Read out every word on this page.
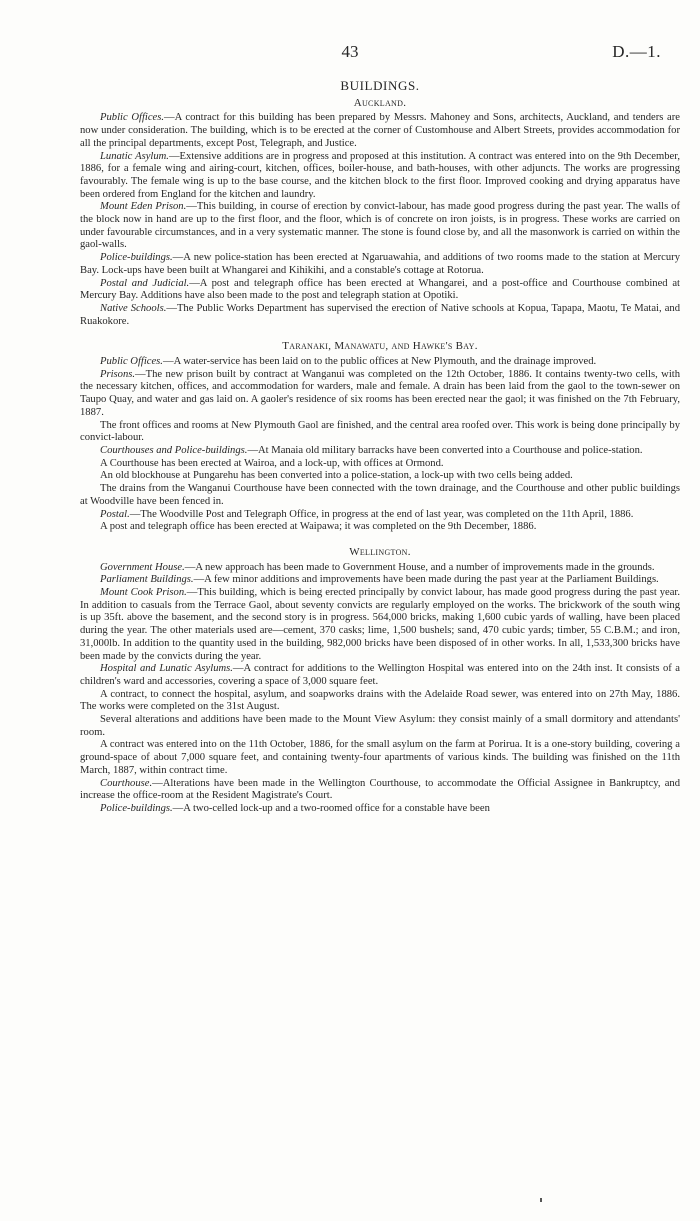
43	D.—1.
BUILDINGS.
Auckland.

Public Offices.—A contract for this building has been prepared by Messrs. Mahoney and Sons, architects, Auckland, and tenders are now under consideration. The building, which is to be erected at the corner of Customhouse and Albert Streets, provides accommodation for all the principal departments, except Post, Telegraph, and Justice.

Lunatic Asylum.—Extensive additions are in progress and proposed at this institution. A contract was entered into on the 9th December, 1886, for a female wing and airing-court, kitchen, offices, boiler-house, and bath-houses, with other adjuncts. The works are progressing favourably. The female wing is up to the base course, and the kitchen block to the first floor. Improved cooking and drying apparatus have been ordered from England for the kitchen and laundry.

Mount Eden Prison.—This building, in course of erection by convict-labour, has made good progress during the past year. The walls of the block now in hand are up to the first floor, and the floor, which is of concrete on iron joists, is in progress. These works are carried on under favourable circumstances, and in a very systematic manner. The stone is found close by, and all the masonwork is carried on within the gaol-walls.

Police-buildings.—A new police-station has been erected at Ngaruawahia, and additions of two rooms made to the station at Mercury Bay. Lock-ups have been built at Whangarei and Kihikihi, and a constable's cottage at Rotorua.

Postal and Judicial.—A post and telegraph office has been erected at Whangarei, and a post-office and Courthouse combined at Mercury Bay. Additions have also been made to the post and telegraph station at Opotiki.

Native Schools.—The Public Works Department has supervised the erection of Native schools at Kopua, Tapapa, Maotu, Te Matai, and Ruakokore.

Taranaki, Manawatu, and Hawke's Bay.

Public Offices.—A water-service has been laid on to the public offices at New Plymouth, and the drainage improved.

Prisons.—The new prison built by contract at Wanganui was completed on the 12th October, 1886. It contains twenty-two cells, with the necessary kitchen, offices, and accommodation for warders, male and female. A drain has been laid from the gaol to the town-sewer on Taupo Quay, and water and gas laid on. A gaoler's residence of six rooms has been erected near the gaol; it was finished on the 7th February, 1887.

The front offices and rooms at New Plymouth Gaol are finished, and the central area roofed over. This work is being done principally by convict-labour.

Courthouses and Police-buildings.—At Manaia old military barracks have been converted into a Courthouse and police-station.

A Courthouse has been erected at Wairoa, and a lock-up, with offices at Ormond.

An old blockhouse at Pungarehu has been converted into a police-station, a lock-up with two cells being added.

The drains from the Wanganui Courthouse have been connected with the town drainage, and the Courthouse and other public buildings at Woodville have been fenced in.

Postal.—The Woodville Post and Telegraph Office, in progress at the end of last year, was completed on the 11th April, 1886.

A post and telegraph office has been erected at Waipawa; it was completed on the 9th December, 1886.

Wellington.

Government House.—A new approach has been made to Government House, and a number of improvements made in the grounds.

Parliament Buildings.—A few minor additions and improvements have been made during the past year at the Parliament Buildings.

Mount Cook Prison.—This building, which is being erected principally by convict labour, has made good progress during the past year. In addition to casuals from the Terrace Gaol, about seventy convicts are regularly employed on the works. The brickwork of the south wing is up 35ft. above the basement, and the second story is in progress. 564,000 bricks, making 1,600 cubic yards of walling, have been placed during the year. The other materials used are—cement, 370 casks; lime, 1,500 bushels; sand, 470 cubic yards; timber, 55 C.B.M.; and iron, 31,000lb. In addition to the quantity used in the building, 982,000 bricks have been disposed of in other works. In all, 1,533,300 bricks have been made by the convicts during the year.

Hospital and Lunatic Asylums.—A contract for additions to the Wellington Hospital was entered into on the 24th inst. It consists of a children's ward and accessories, covering a space of 3,000 square feet.

A contract, to connect the hospital, asylum, and soapworks drains with the Adelaide Road sewer, was entered into on 27th May, 1886. The works were completed on the 31st August.

Several alterations and additions have been made to the Mount View Asylum: they consist mainly of a small dormitory and attendants' room.

A contract was entered into on the 11th October, 1886, for the small asylum on the farm at Porirua. It is a one-story building, covering a ground-space of about 7,000 square feet, and containing twenty-four apartments of various kinds. The building was finished on the 11th March, 1887, within contract time.

Courthouse.—Alterations have been made in the Wellington Courthouse, to accommodate the Official Assignee in Bankruptcy, and increase the office-room at the Resident Magistrate's Court.

Police-buildings.—A two-celled lock-up and a two-roomed office for a constable have been
